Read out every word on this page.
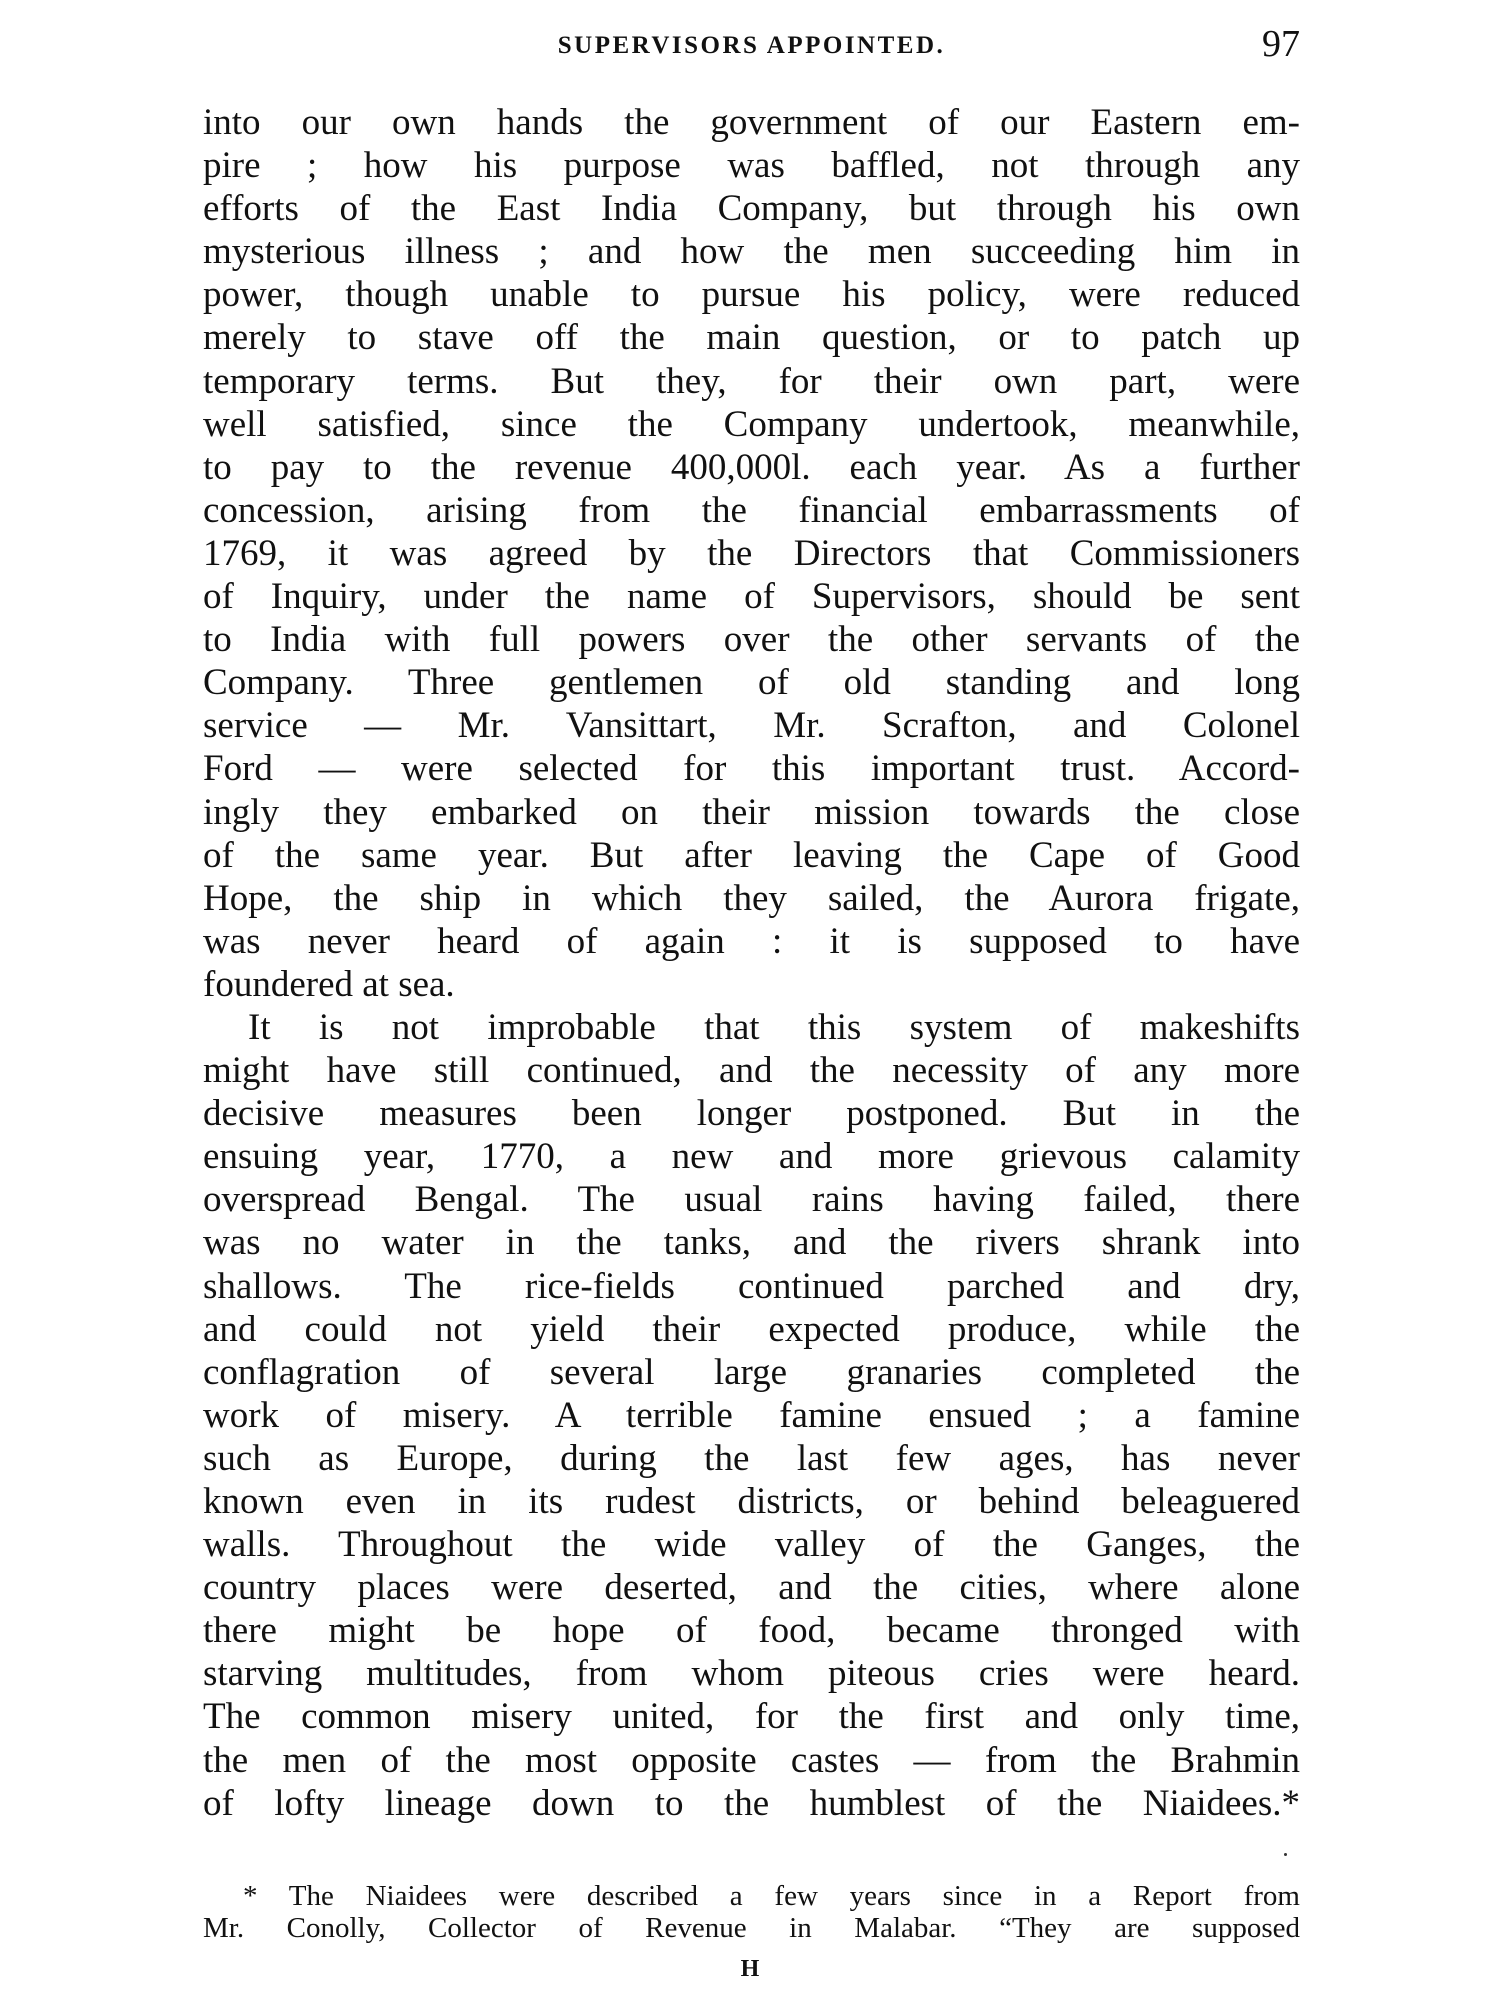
SUPERVISORS APPOINTED.	97
into our own hands the government of our Eastern em-
pire ; how his purpose was baffled, not through any
efforts of the East India Company, but through his own
mysterious illness ; and how the men succeeding him in
power, though unable to pursue his policy, were reduced
merely to stave off the main question, or to patch up
temporary terms. But they, for their own part, were
well satisfied, since the Company undertook, meanwhile,
to pay to the revenue 400,000l. each year. As a further
concession, arising from the financial embarrassments of
1769, it was agreed by the Directors that Commissioners
of Inquiry, under the name of Supervisors, should be sent
to India with full powers over the other servants of the
Company. Three gentlemen of old standing and long
service — Mr. Vansittart, Mr. Scrafton, and Colonel
Ford — were selected for this important trust. Accord-
ingly they embarked on their mission towards the close
of the same year. But after leaving the Cape of Good
Hope, the ship in which they sailed, the Aurora frigate,
was never heard of again : it is supposed to have
foundered at sea.
It is not improbable that this system of makeshifts
might have still continued, and the necessity of any more
decisive measures been longer postponed. But in the
ensuing year, 1770, a new and more grievous calamity
overspread Bengal. The usual rains having failed, there
was no water in the tanks, and the rivers shrank into
shallows. The rice-fields continued parched and dry,
and could not yield their expected produce, while the
conflagration of several large granaries completed the
work of misery. A terrible famine ensued ; a famine
such as Europe, during the last few ages, has never
known even in its rudest districts, or behind beleaguered
walls. Throughout the wide valley of the Ganges, the
country places were deserted, and the cities, where alone
there might be hope of food, became thronged with
starving multitudes, from whom piteous cries were heard.
The common misery united, for the first and only time,
the men of the most opposite castes — from the Brahmin
of lofty lineage down to the humblest of the Niaidees.*
* The Niaidees were described a few years since in a Report from
Mr. Conolly, Collector of Revenue in Malabar. “They are supposed
H
